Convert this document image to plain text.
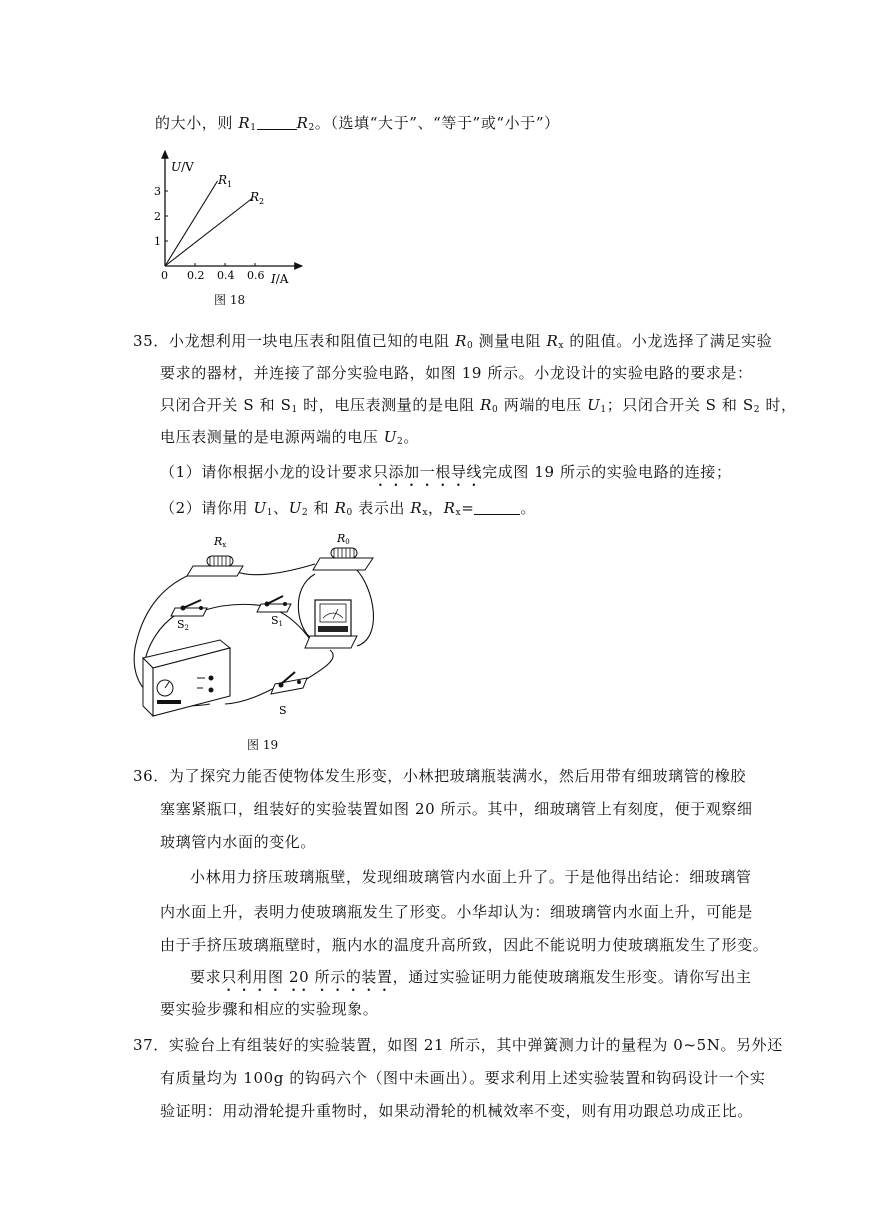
的大小，则 $R_1$	$R_2$。（选填“大于”、“等于”或“小于”）
1
2
3
0.2 0.4 0.6
U/V
I/A
0
$R_1$
$R_2$
图 18
35．小龙想利用一块电压表和阻值已知的电阻 $R_0$ 测量电阻 $R_x$ 的阻值。小龙选择了满足实验
要求的器材，并连接了部分实验电路，如图 19 所示。小龙设计的实验电路的要求是：
只闭合开关 S 和 $S_1$ 时，电压表测量的是电阻 $R_0$ 两端的电压 $U_1$；只闭合开关 S 和 $S_2$ 时，
电压表测量的是电源两端的电压 $U_2$。
（1）请你根据小龙的设计要求只添加一根导线完成图 19 所示的实验电路的连接；
（2）请你用 $U_1$、$U_2$ 和 $R_0$ 表示出 $R_x$，$R_x=$	。
Rx	R0
S2
S1
S
图 19
36．为了探究力能否使物体发生形变，小林把玻璃瓶装满水，然后用带有细玻璃管的橡胶
塞塞紧瓶口，组装好的实验装置如图 20 所示。其中，细玻璃管上有刻度，便于观察细
玻璃管内水面的变化。
小林用力挤压玻璃瓶壁，发现细玻璃管内水面上升了。于是他得出结论：细玻璃管
内水面上升，表明力使玻璃瓶发生了形变。小华却认为：细玻璃管内水面上升，可能是
由于手挤压玻璃瓶壁时，瓶内水的温度升高所致，因此不能说明力使玻璃瓶发生了形变。
要求只利用图 20 所示的装置，通过实验证明力能使玻璃瓶发生形变。请你写出主
要实验步骤和相应的实验现象。
37．实验台上有组装好的实验装置，如图 21 所示，其中弹簧测力计的量程为 0~5N。另外还
有质量均为 100g 的钩码六个（图中未画出）。要求利用上述实验装置和钩码设计一个实
验证明：用动滑轮提升重物时，如果动滑轮的机械效率不变，则有用功跟总功成正比。
